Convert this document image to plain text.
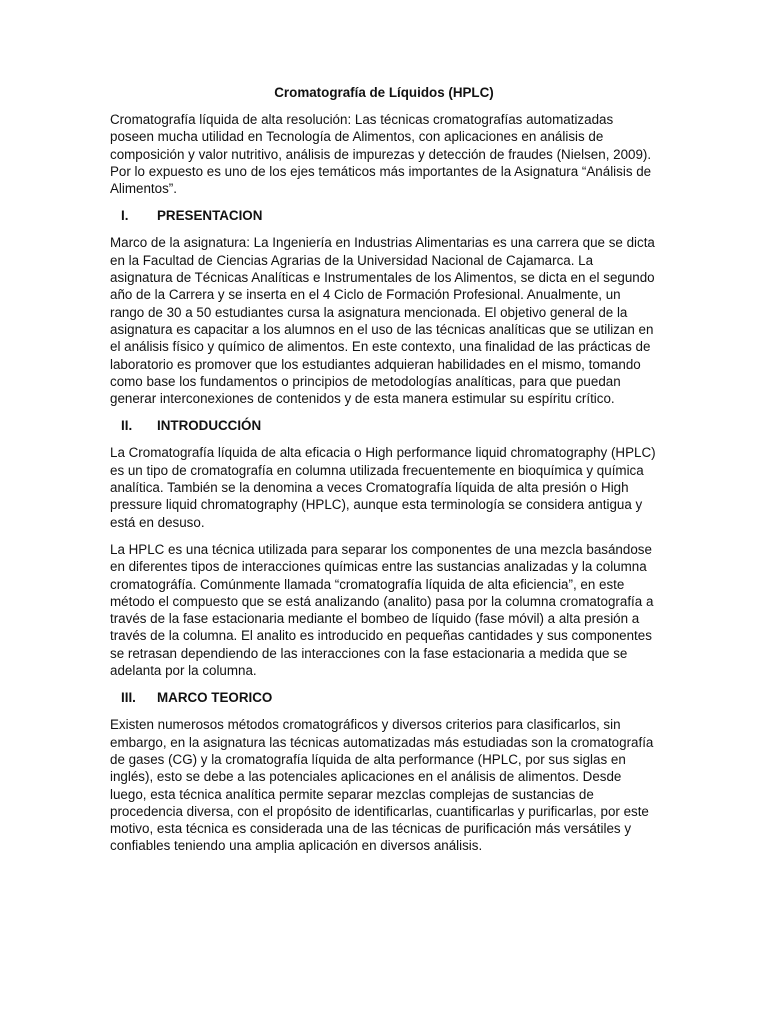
Cromatografía de Líquidos (HPLC)

Cromatografía líquida de alta resolución: Las técnicas cromatografías automatizadas poseen mucha utilidad en Tecnología de Alimentos, con aplicaciones en análisis de composición y valor nutritivo, análisis de impurezas y detección de fraudes (Nielsen, 2009). Por lo expuesto es uno de los ejes temáticos más importantes de la Asignatura “Análisis de Alimentos”.

I.	PRESENTACION

Marco de la asignatura: La Ingeniería en Industrias Alimentarias es una carrera que se dicta en la Facultad de Ciencias Agrarias de la Universidad Nacional de Cajamarca. La asignatura de Técnicas Analíticas e Instrumentales de los Alimentos, se dicta en el segundo año de la Carrera y se inserta en el 4 Ciclo de Formación Profesional. Anualmente, un rango de 30 a 50 estudiantes cursa la asignatura mencionada. El objetivo general de la asignatura es capacitar a los alumnos en el uso de las técnicas analíticas que se utilizan en el análisis físico y químico de alimentos. En este contexto, una finalidad de las prácticas de laboratorio es promover que los estudiantes adquieran habilidades en el mismo, tomando como base los fundamentos o principios de metodologías analíticas, para que puedan generar interconexiones de contenidos y de esta manera estimular su espíritu crítico.

II.	INTRODUCCIÓN

La Cromatografía líquida de alta eficacia o High performance liquid chromatography (HPLC) es un tipo de cromatografía en columna utilizada frecuentemente en bioquímica y química analítica. También se la denomina a veces Cromatografía líquida de alta presión o High pressure liquid chromatography (HPLC), aunque esta terminología se considera antigua y está en desuso.

La HPLC es una técnica utilizada para separar los componentes de una mezcla basándose en diferentes tipos de interacciones químicas entre las sustancias analizadas y la columna cromatográfía. Comúnmente llamada “cromatografía líquida de alta eficiencia”, en este método el compuesto que se está analizando (analito) pasa por la columna cromatografía a través de la fase estacionaria mediante el bombeo de líquido (fase móvil) a alta presión a través de la columna. El analito es introducido en pequeñas cantidades y sus componentes se retrasan dependiendo de las interacciones con la fase estacionaria a medida que se adelanta por la columna.

III.	MARCO TEORICO

Existen numerosos métodos cromatográficos y diversos criterios para clasificarlos, sin embargo, en la asignatura las técnicas automatizadas más estudiadas son la cromatografía de gases (CG) y la cromatografía líquida de alta performance (HPLC, por sus siglas en inglés), esto se debe a las potenciales aplicaciones en el análisis de alimentos. Desde luego, esta técnica analítica permite separar mezclas complejas de sustancias de procedencia diversa, con el propósito de identificarlas, cuantificarlas y purificarlas, por este motivo, esta técnica es considerada una de las técnicas de purificación más versátiles y confiables teniendo una amplia aplicación en diversos análisis.
